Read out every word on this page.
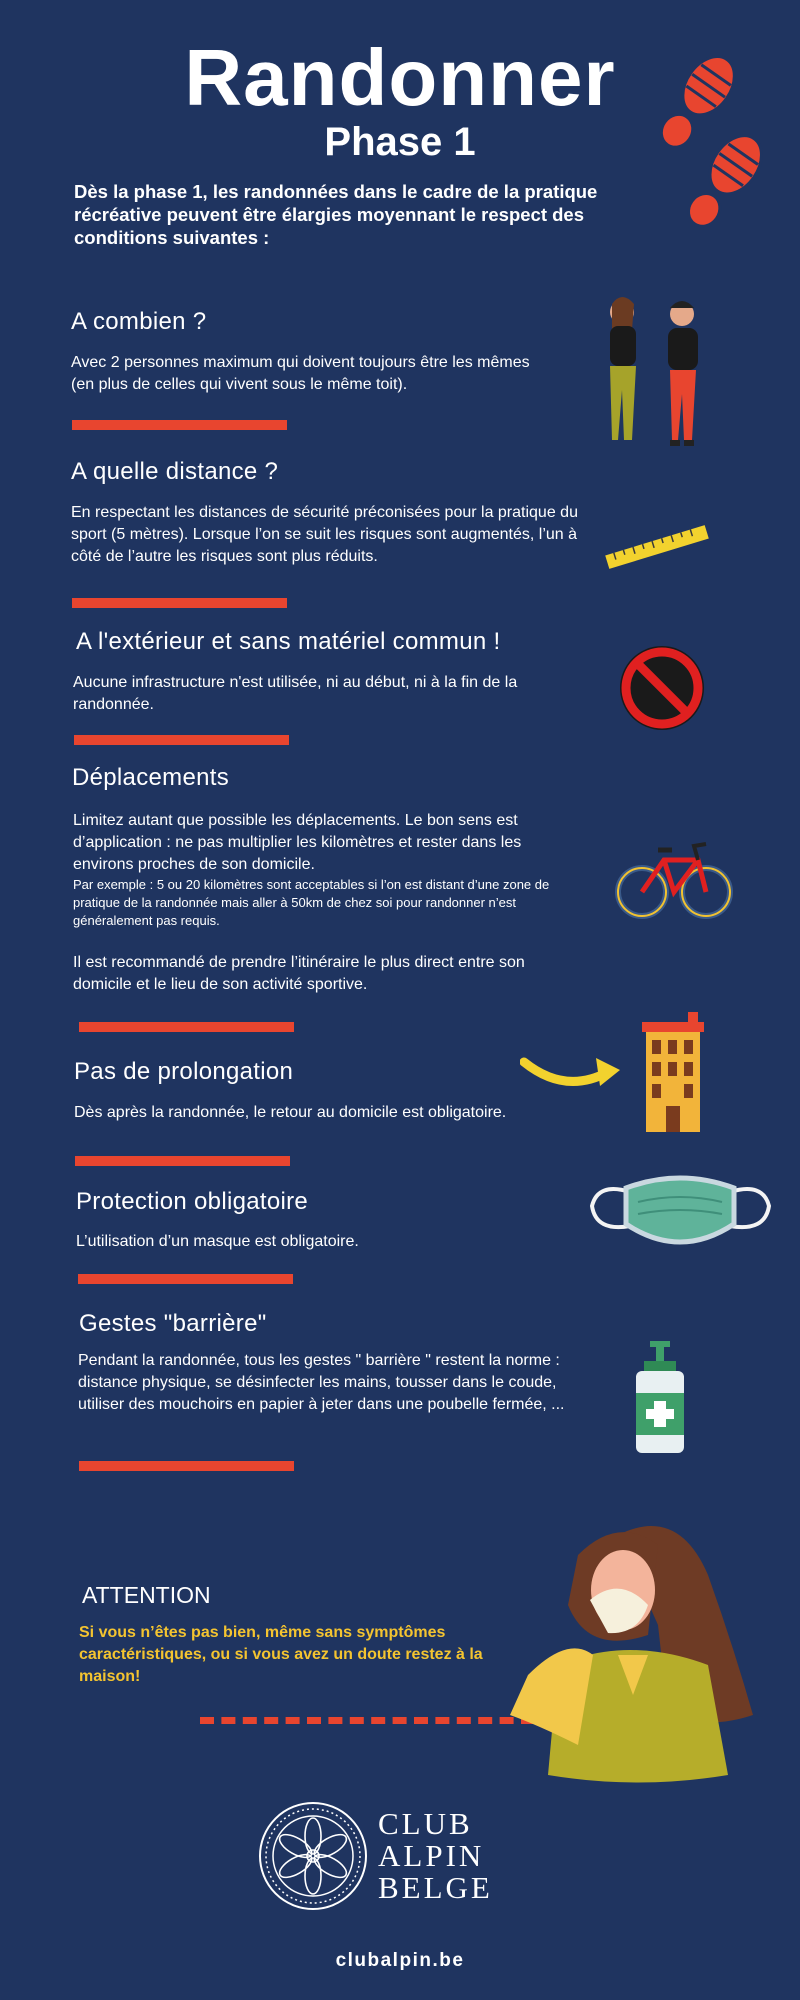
Randonner
Phase 1
Dès la phase 1, les randonnées dans le cadre de la pratique récréative peuvent être élargies moyennant le respect des conditions suivantes :
A combien ?
Avec 2 personnes maximum qui doivent toujours être les mêmes (en plus de celles qui vivent sous le même toit).
A quelle distance ?
En respectant les distances de sécurité préconisées pour la pratique du sport (5 mètres). Lorsque l’on se suit les risques sont augmentés, l’un à côté de l’autre les risques sont plus réduits.
A l'extérieur et sans matériel commun !
Aucune infrastructure n'est utilisée, ni au début, ni à la fin de la randonnée.
Déplacements
Limitez autant que possible les déplacements. Le bon sens est d’application : ne pas multiplier les kilomètres et rester dans les environs proches de son domicile.
Par exemple : 5 ou 20 kilomètres sont acceptables si l’on est distant d’une zone de pratique de la randonnée mais aller à 50km de chez soi pour randonner n’est généralement pas requis.
Il est recommandé de prendre l’itinéraire le plus direct entre son domicile et le lieu de son activité sportive.
Pas de prolongation
Dès après la randonnée, le retour au domicile est obligatoire.
Protection obligatoire
L’utilisation d’un masque est obligatoire.
Gestes "barrière"
Pendant la randonnée, tous les gestes " barrière " restent la norme : distance physique, se désinfecter les mains, tousser dans le coude, utiliser des mouchoirs en papier à jeter dans une poubelle fermée, ...
ATTENTION
Si vous n’êtes pas bien, même sans symptômes caractéristiques, ou si vous avez un doute restez à la maison!
CLUB
ALPIN
BELGE
clubalpin.be
